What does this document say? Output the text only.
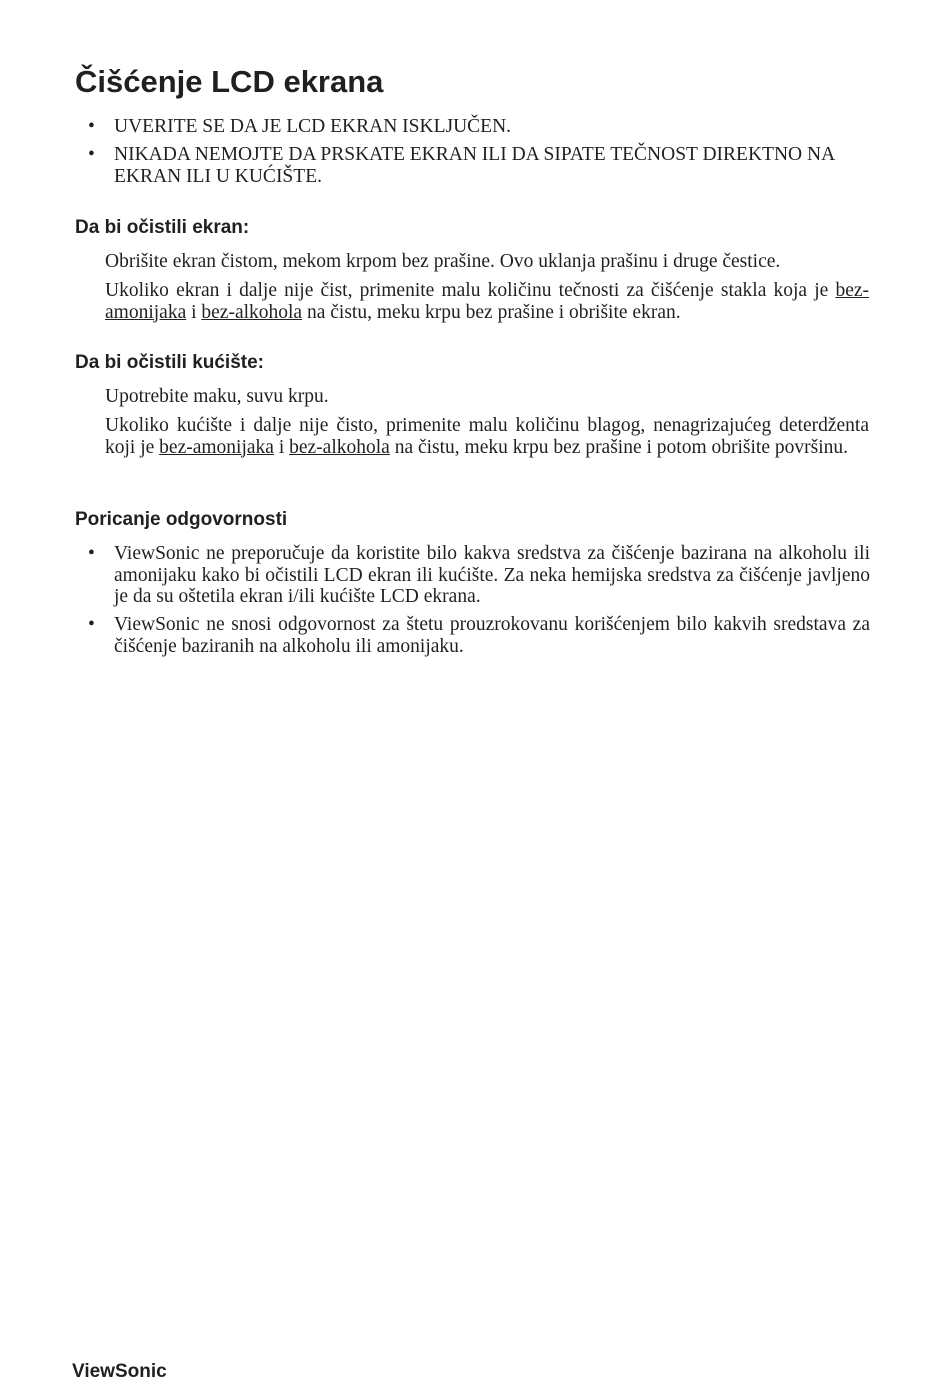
Čišćenje LCD ekrana
• UVERITE SE DA JE LCD EKRAN ISKLJUČEN.
• NIKADA NEMOJTE DA PRSKATE EKRAN ILI DA SIPATE TEČNOST DIREKTNO NA EKRAN ILI U KUĆIŠTE.
Da bi očistili ekran:

Obrišite ekran čistom, mekom krpom bez prašine. Ovo uklanja prašinu i druge čestice.

Ukoliko ekran i dalje nije čist, primenite malu količinu tečnosti za čišćenje stakla koja je bez-amonijaka i bez-alkohola na čistu, meku krpu bez prašine i obrišite ekran.

Da bi očistili kućište:

Upotrebite maku, suvu krpu.

Ukoliko kućište i dalje nije čisto, primenite malu količinu blagog, nenagrizajućeg deterdženta koji je bez-amonijaka i bez-alkohola na čistu, meku krpu bez prašine i potom obrišite površinu.

Poricanje odgovornosti
• ViewSonic ne preporučuje da koristite bilo kakva sredstva za čišćenje bazirana na alkoholu ili amonijaku kako bi očistili LCD ekran ili kućište. Za neka hemijska sredstva za čišćenje javljeno je da su oštetila ekran i/ili kućište LCD ekrana.
• ViewSonic ne snosi odgovornost za štetu prouzrokovanu korišćenjem bilo kakvih sredstava za čišćenje baziranih na alkoholu ili amonijaku.
ViewSonic
